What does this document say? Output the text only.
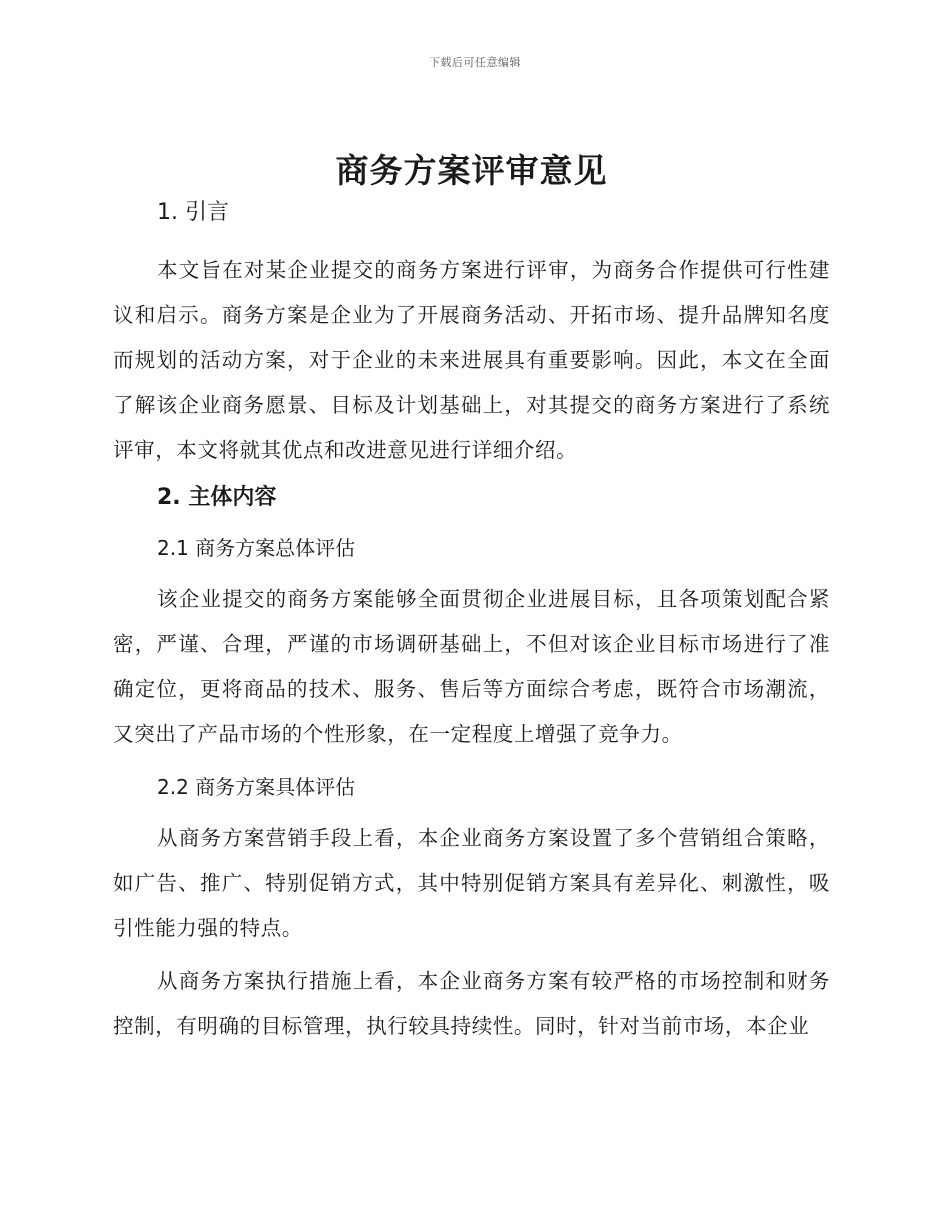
下载后可任意编辑
商务方案评审意见
1. 引言

本文旨在对某企业提交的商务方案进行评审，为商务合作提供可行性建议和启示。商务方案是企业为了开展商务活动、开拓市场、提升品牌知名度而规划的活动方案，对于企业的未来进展具有重要影响。因此，本文在全面了解该企业商务愿景、目标及计划基础上，对其提交的商务方案进行了系统评审，本文将就其优点和改进意见进行详细介绍。

2. 主体内容
2.1 商务方案总体评估

该企业提交的商务方案能够全面贯彻企业进展目标，且各项策划配合紧密，严谨、合理，严谨的市场调研基础上，不但对该企业目标市场进行了准确定位，更将商品的技术、服务、售后等方面综合考虑，既符合市场潮流，又突出了产品市场的个性形象，在一定程度上增强了竞争力。

2.2 商务方案具体评估

从商务方案营销手段上看，本企业商务方案设置了多个营销组合策略，如广告、推广、特别促销方式，其中特别促销方案具有差异化、刺激性，吸引性能力强的特点。

从商务方案执行措施上看，本企业商务方案有较严格的市场控制和财务控制，有明确的目标管理，执行较具持续性。同时，针对当前市场，本企业
